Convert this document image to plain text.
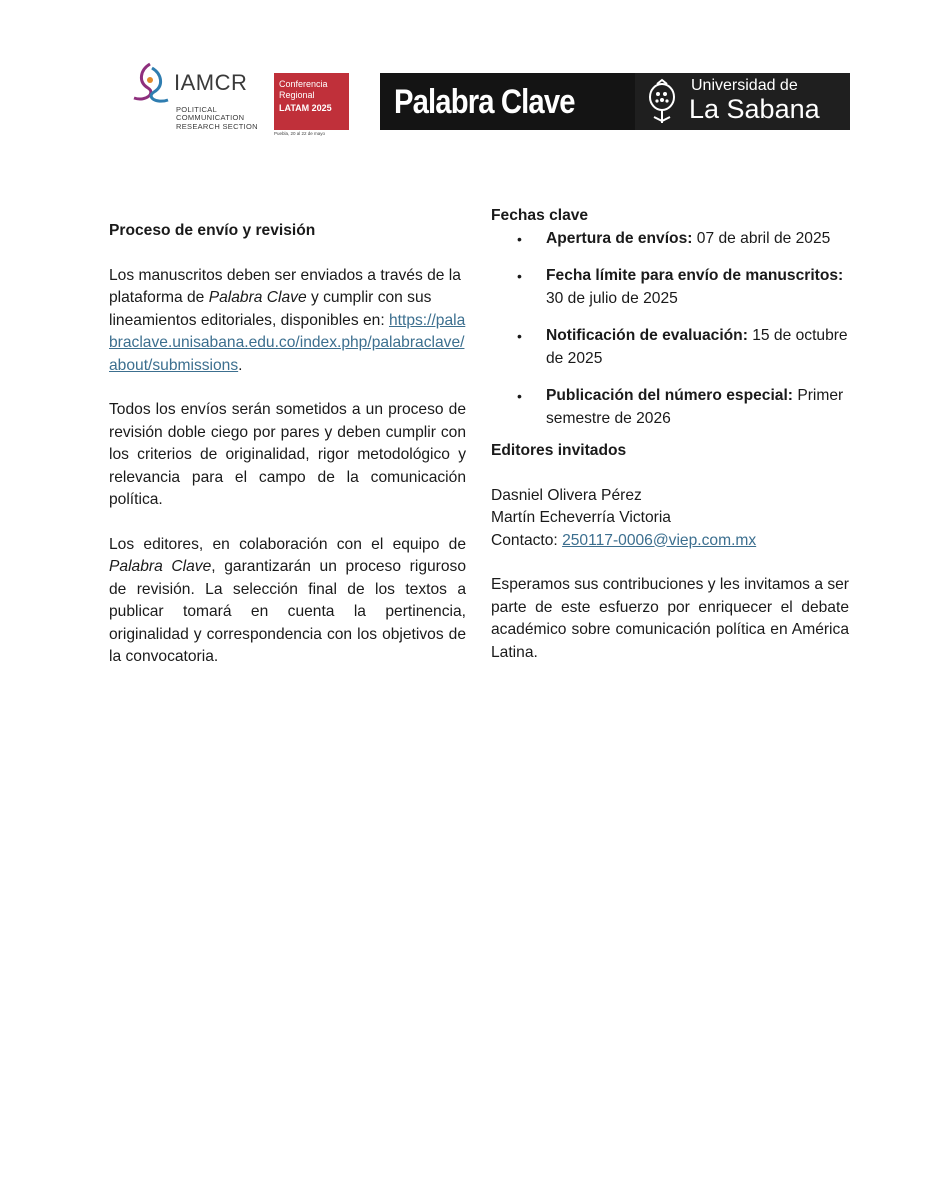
IAMCR
POLITICAL
COMMUNICATION
RESEARCH SECTION
Conferencia
Regional
LATAM 2025
Puebla, 20 al 22 de mayo
Palabra Clave	Universidad de
La Sabana

Proceso de envío y revisión

Los manuscritos deben ser enviados a través de la plataforma de Palabra Clave y cumplir con sus lineamientos editoriales, disponibles en: https://palabraclave.unisabana.edu.co/index.php/palabraclave/about/submissions.

Todos los envíos serán sometidos a un proceso de revisión doble ciego por pares y deben cumplir con los criterios de originalidad, rigor metodológico y relevancia para el campo de la comunicación política.

Los editores, en colaboración con el equipo de Palabra Clave, garantizarán un proceso riguroso de revisión. La selección final de los textos a publicar tomará en cuenta la pertinencia, originalidad y correspondencia con los objetivos de la convocatoria.

Fechas clave

• Apertura de envíos: 07 de abril de 2025
• Fecha límite para envío de manuscritos: 30 de julio de 2025
• Notificación de evaluación: 15 de octubre de 2025
• Publicación del número especial: Primer semestre de 2026

Editores invitados

Dasniel Olivera Pérez

Martín Echeverría Victoria

Contacto: 250117-0006@viep.com.mx

Esperamos sus contribuciones y les invitamos a ser parte de este esfuerzo por enriquecer el debate académico sobre comunicación política en América Latina.
